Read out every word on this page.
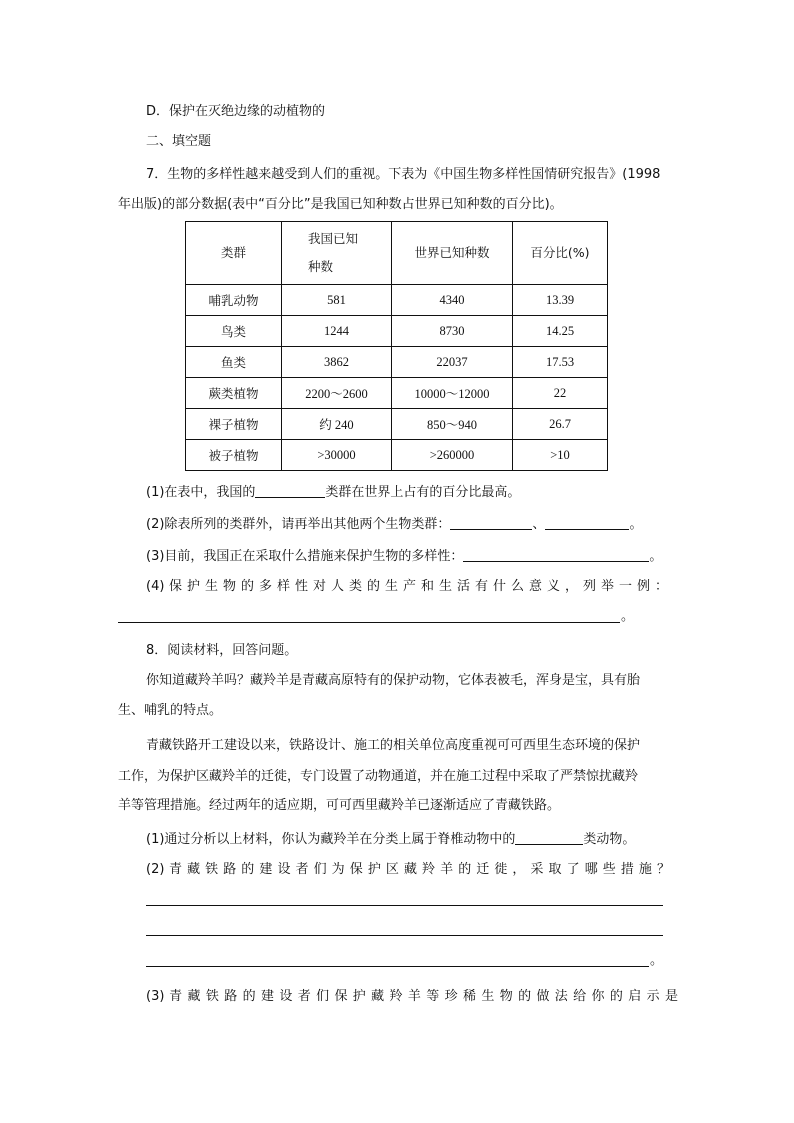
D．保护在灭绝边缘的动植物的
二、填空题
7．生物的多样性越来越受到人们的重视。下表为《中国生物多样性国情研究报告》(1998
年出版)的部分数据(表中“百分比”是我国已知种数占世界已知种数的百分比)。
类群	我国已知种数	世界已知种数	百分比(%)
哺乳动物	581	4340	13.39
鸟类	1244	8730	14.25
鱼类	3862	22037	17.53
蕨类植物	2200～2600	10000～12000	22
裸子植物	约 240	850～940	26.7
被子植物	>30000	>260000	>10
(1)在表中，我国的	类群在世界上占有的百分比最高。
(2)除表所列的类群外，请再举出其他两个生物类群：	、	。
(3)目前，我国正在采取什么措施来保护生物的多样性：	。
(4) 保 护 生 物 的 多 样 性 对 人 类 的 生 产 和 生 活 有 什 么 意 义 ， 列 举 一 例 ：
。
8．阅读材料，回答问题。
你知道藏羚羊吗？藏羚羊是青藏高原特有的保护动物，它体表被毛，浑身是宝，具有胎
生、哺乳的特点。
青藏铁路开工建设以来，铁路设计、施工的相关单位高度重视可可西里生态环境的保护
工作，为保护区藏羚羊的迁徙，专门设置了动物通道，并在施工过程中采取了严禁惊扰藏羚
羊等管理措施。经过两年的适应期，可可西里藏羚羊已逐渐适应了青藏铁路。
(1)通过分析以上材料，你认为藏羚羊在分类上属于脊椎动物中的	类动物。
(2) 青 藏 铁 路 的 建 设 者 们 为 保 护 区 藏 羚 羊 的 迁 徙 ， 采 取 了 哪 些 措 施 ？
。
(3) 青 藏 铁 路 的 建 设 者 们 保 护 藏 羚 羊 等 珍 稀 生 物 的 做 法 给 你 的 启 示 是
